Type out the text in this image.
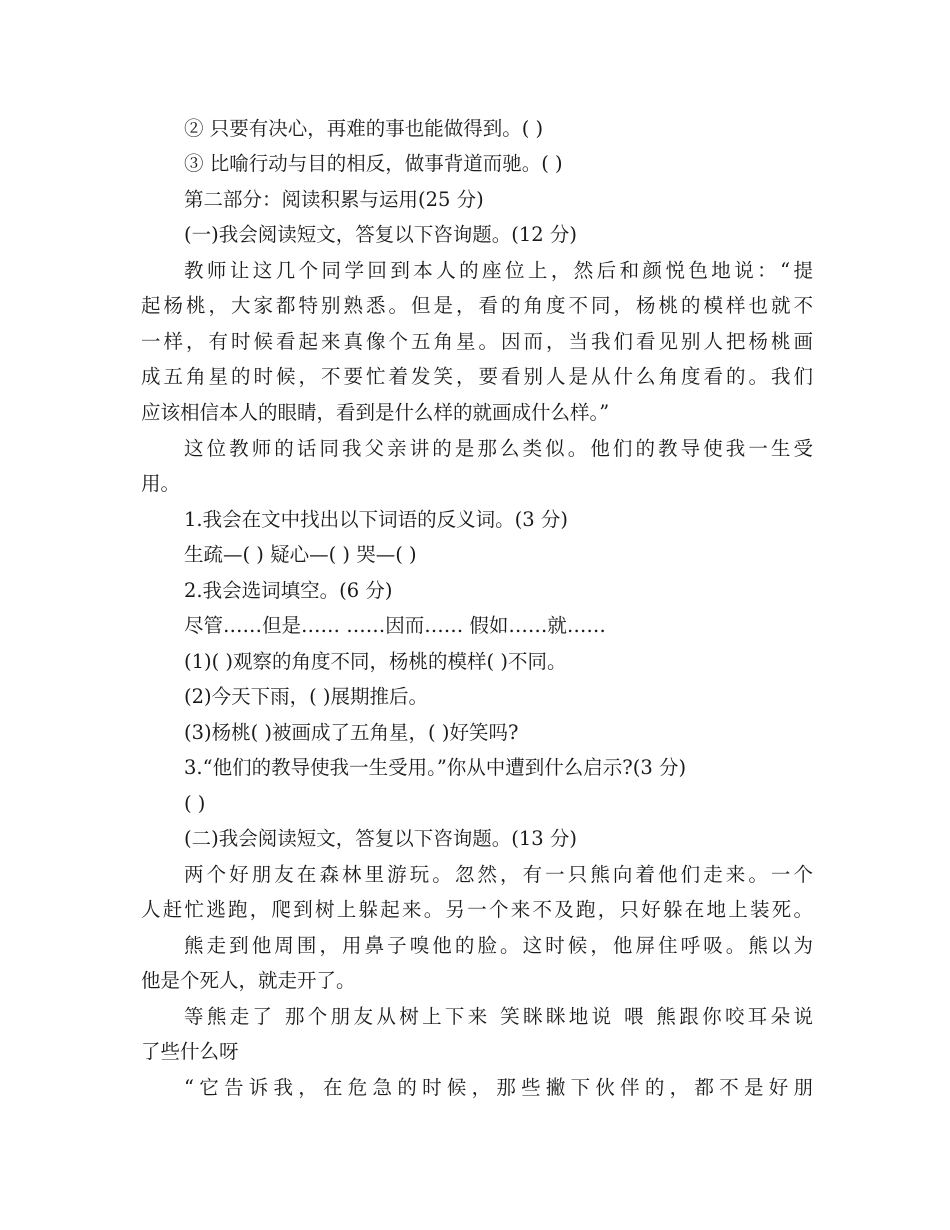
② 只要有决心，再难的事也能做得到。( )
③ 比喻行动与目的相反，做事背道而驰。( )
第二部分：阅读积累与运用(25 分)
(一)我会阅读短文，答复以下咨询题。(12 分)
教师让这几个同学回到本人的座位上，然后和颜悦色地说：“提
起杨桃，大家都特别熟悉。但是，看的角度不同，杨桃的模样也就不
一样，有时候看起来真像个五角星。因而，当我们看见别人把杨桃画
成五角星的时候，不要忙着发笑，要看别人是从什么角度看的。我们
应该相信本人的眼睛，看到是什么样的就画成什么样。”
这位教师的话同我父亲讲的是那么类似。他们的教导使我一生受
用。
1.我会在文中找出以下词语的反义词。(3 分)
生疏—( ) 疑心—( ) 哭—( )
2.我会选词填空。(6 分)
尽管……但是…… ……因而…… 假如……就……
(1)( )观察的角度不同，杨桃的模样( )不同。
(2)今天下雨，( )展期推后。
(3)杨桃( )被画成了五角星，( )好笑吗?
3.“他们的教导使我一生受用。”你从中遭到什么启示?(3 分)
( )
(二)我会阅读短文，答复以下咨询题。(13 分)
两个好朋友在森林里游玩。忽然，有一只熊向着他们走来。一个
人赶忙逃跑，爬到树上躲起来。另一个来不及跑，只好躲在地上装死。
熊走到他周围，用鼻子嗅他的脸。这时候，他屏住呼吸。熊以为
他是个死人，就走开了。
等熊走了 那个朋友从树上下来 笑眯眯地说 喂 熊跟你咬耳朵说
了些什么呀
“它告诉我，在危急的时候，那些撇下伙伴的，都不是好朋
